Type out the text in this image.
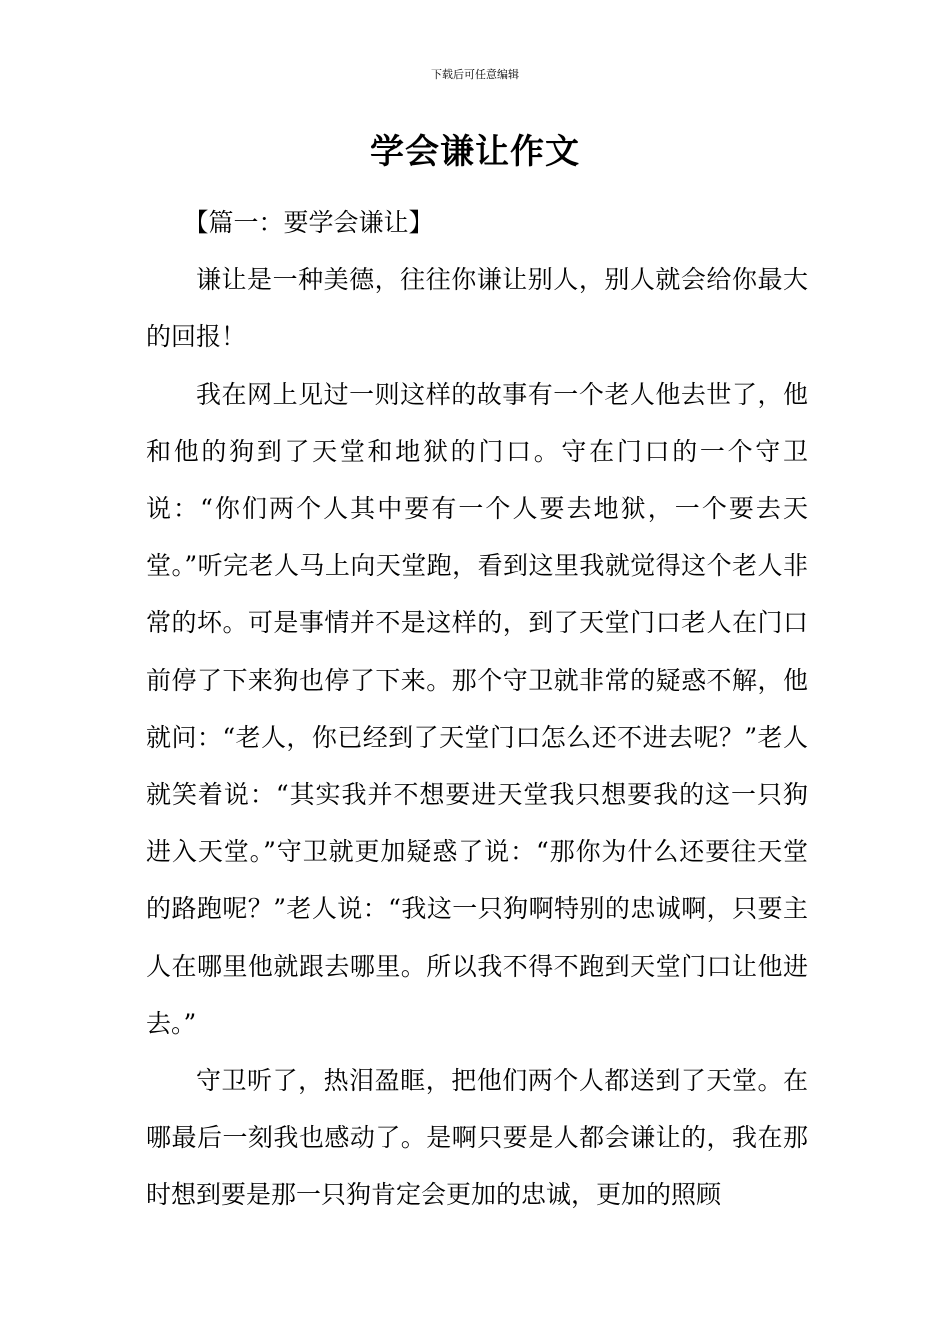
下载后可任意编辑
学会谦让作文

【篇一：要学会谦让】

谦让是一种美德，往往你谦让别人，别人就会给你最大的回报！

我在网上见过一则这样的故事有一个老人他去世了，他和他的狗到了天堂和地狱的门口。守在门口的一个守卫说：“你们两个人其中要有一个人要去地狱，一个要去天堂。”听完老人马上向天堂跑，看到这里我就觉得这个老人非常的坏。可是事情并不是这样的，到了天堂门口老人在门口前停了下来狗也停了下来。那个守卫就非常的疑惑不解，他就问：“老人，你已经到了天堂门口怎么还不进去呢？”老人就笑着说：“其实我并不想要进天堂我只想要我的这一只狗进入天堂。”守卫就更加疑惑了说：“那你为什么还要往天堂的路跑呢？”老人说：“我这一只狗啊特别的忠诚啊，只要主人在哪里他就跟去哪里。所以我不得不跑到天堂门口让他进去。”

守卫听了，热泪盈眶，把他们两个人都送到了天堂。在哪最后一刻我也感动了。是啊只要是人都会谦让的，我在那时想到要是那一只狗肯定会更加的忠诚，更加的照顾
